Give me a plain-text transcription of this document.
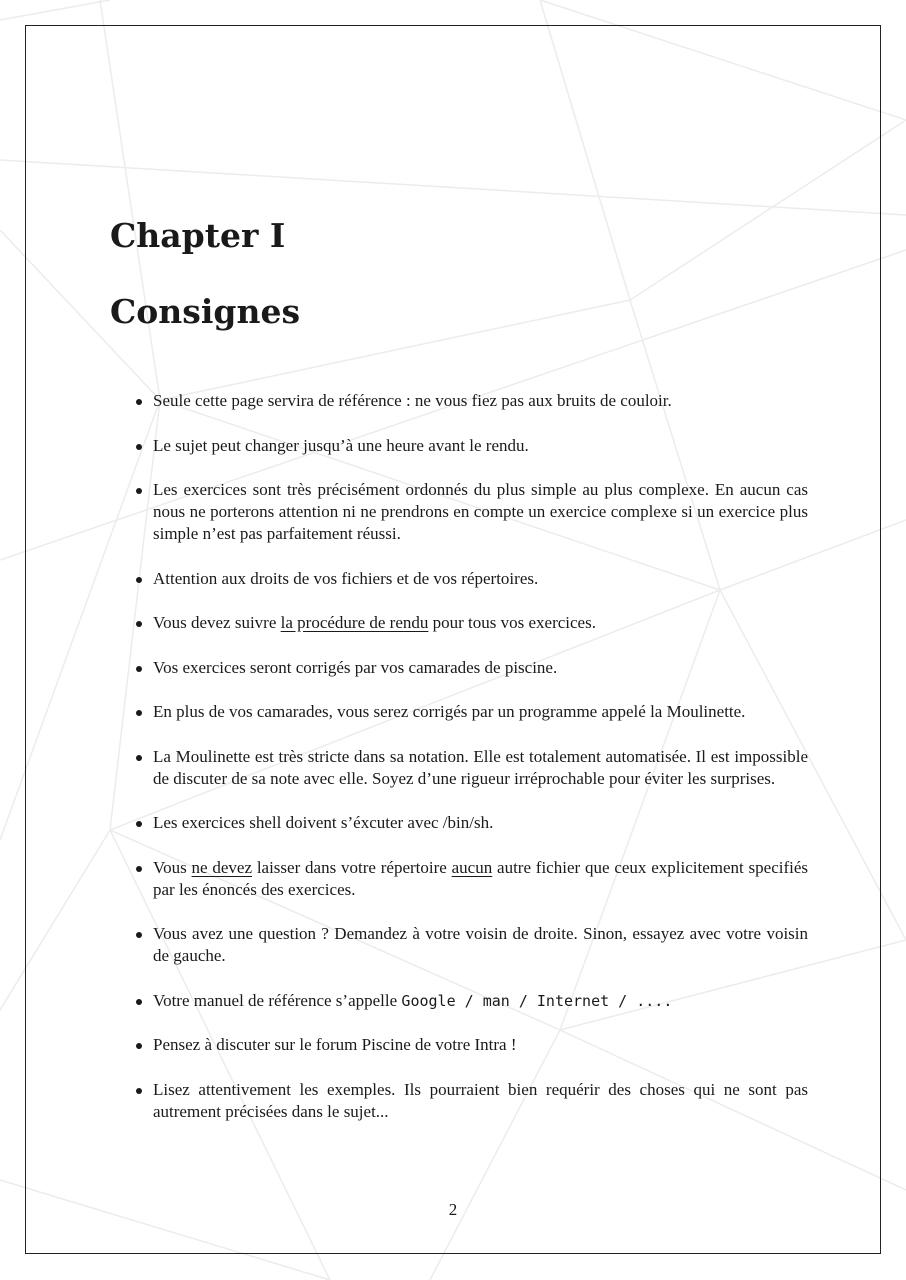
Chapter I
Consignes
Seule cette page servira de référence : ne vous fiez pas aux bruits de couloir.
Le sujet peut changer jusqu’à une heure avant le rendu.
Les exercices sont très précisément ordonnés du plus simple au plus complexe. En aucun cas nous ne porterons attention ni ne prendrons en compte un exercice complexe si un exercice plus simple n’est pas parfaitement réussi.
Attention aux droits de vos fichiers et de vos répertoires.
Vous devez suivre la procédure de rendu pour tous vos exercices.
Vos exercices seront corrigés par vos camarades de piscine.
En plus de vos camarades, vous serez corrigés par un programme appelé la Moulinette.
La Moulinette est très stricte dans sa notation. Elle est totalement automatisée. Il est impossible de discuter de sa note avec elle. Soyez d’une rigueur irréprochable pour éviter les surprises.
Les exercices shell doivent s’éxcuter avec /bin/sh.
Vous ne devez laisser dans votre répertoire aucun autre fichier que ceux explicitement specifiés par les énoncés des exercices.
Vous avez une question ? Demandez à votre voisin de droite. Sinon, essayez avec votre voisin de gauche.
Votre manuel de référence s’appelle Google / man / Internet / ....
Pensez à discuter sur le forum Piscine de votre Intra !
Lisez attentivement les exemples. Ils pourraient bien requérir des choses qui ne sont pas autrement précisées dans le sujet...
2
